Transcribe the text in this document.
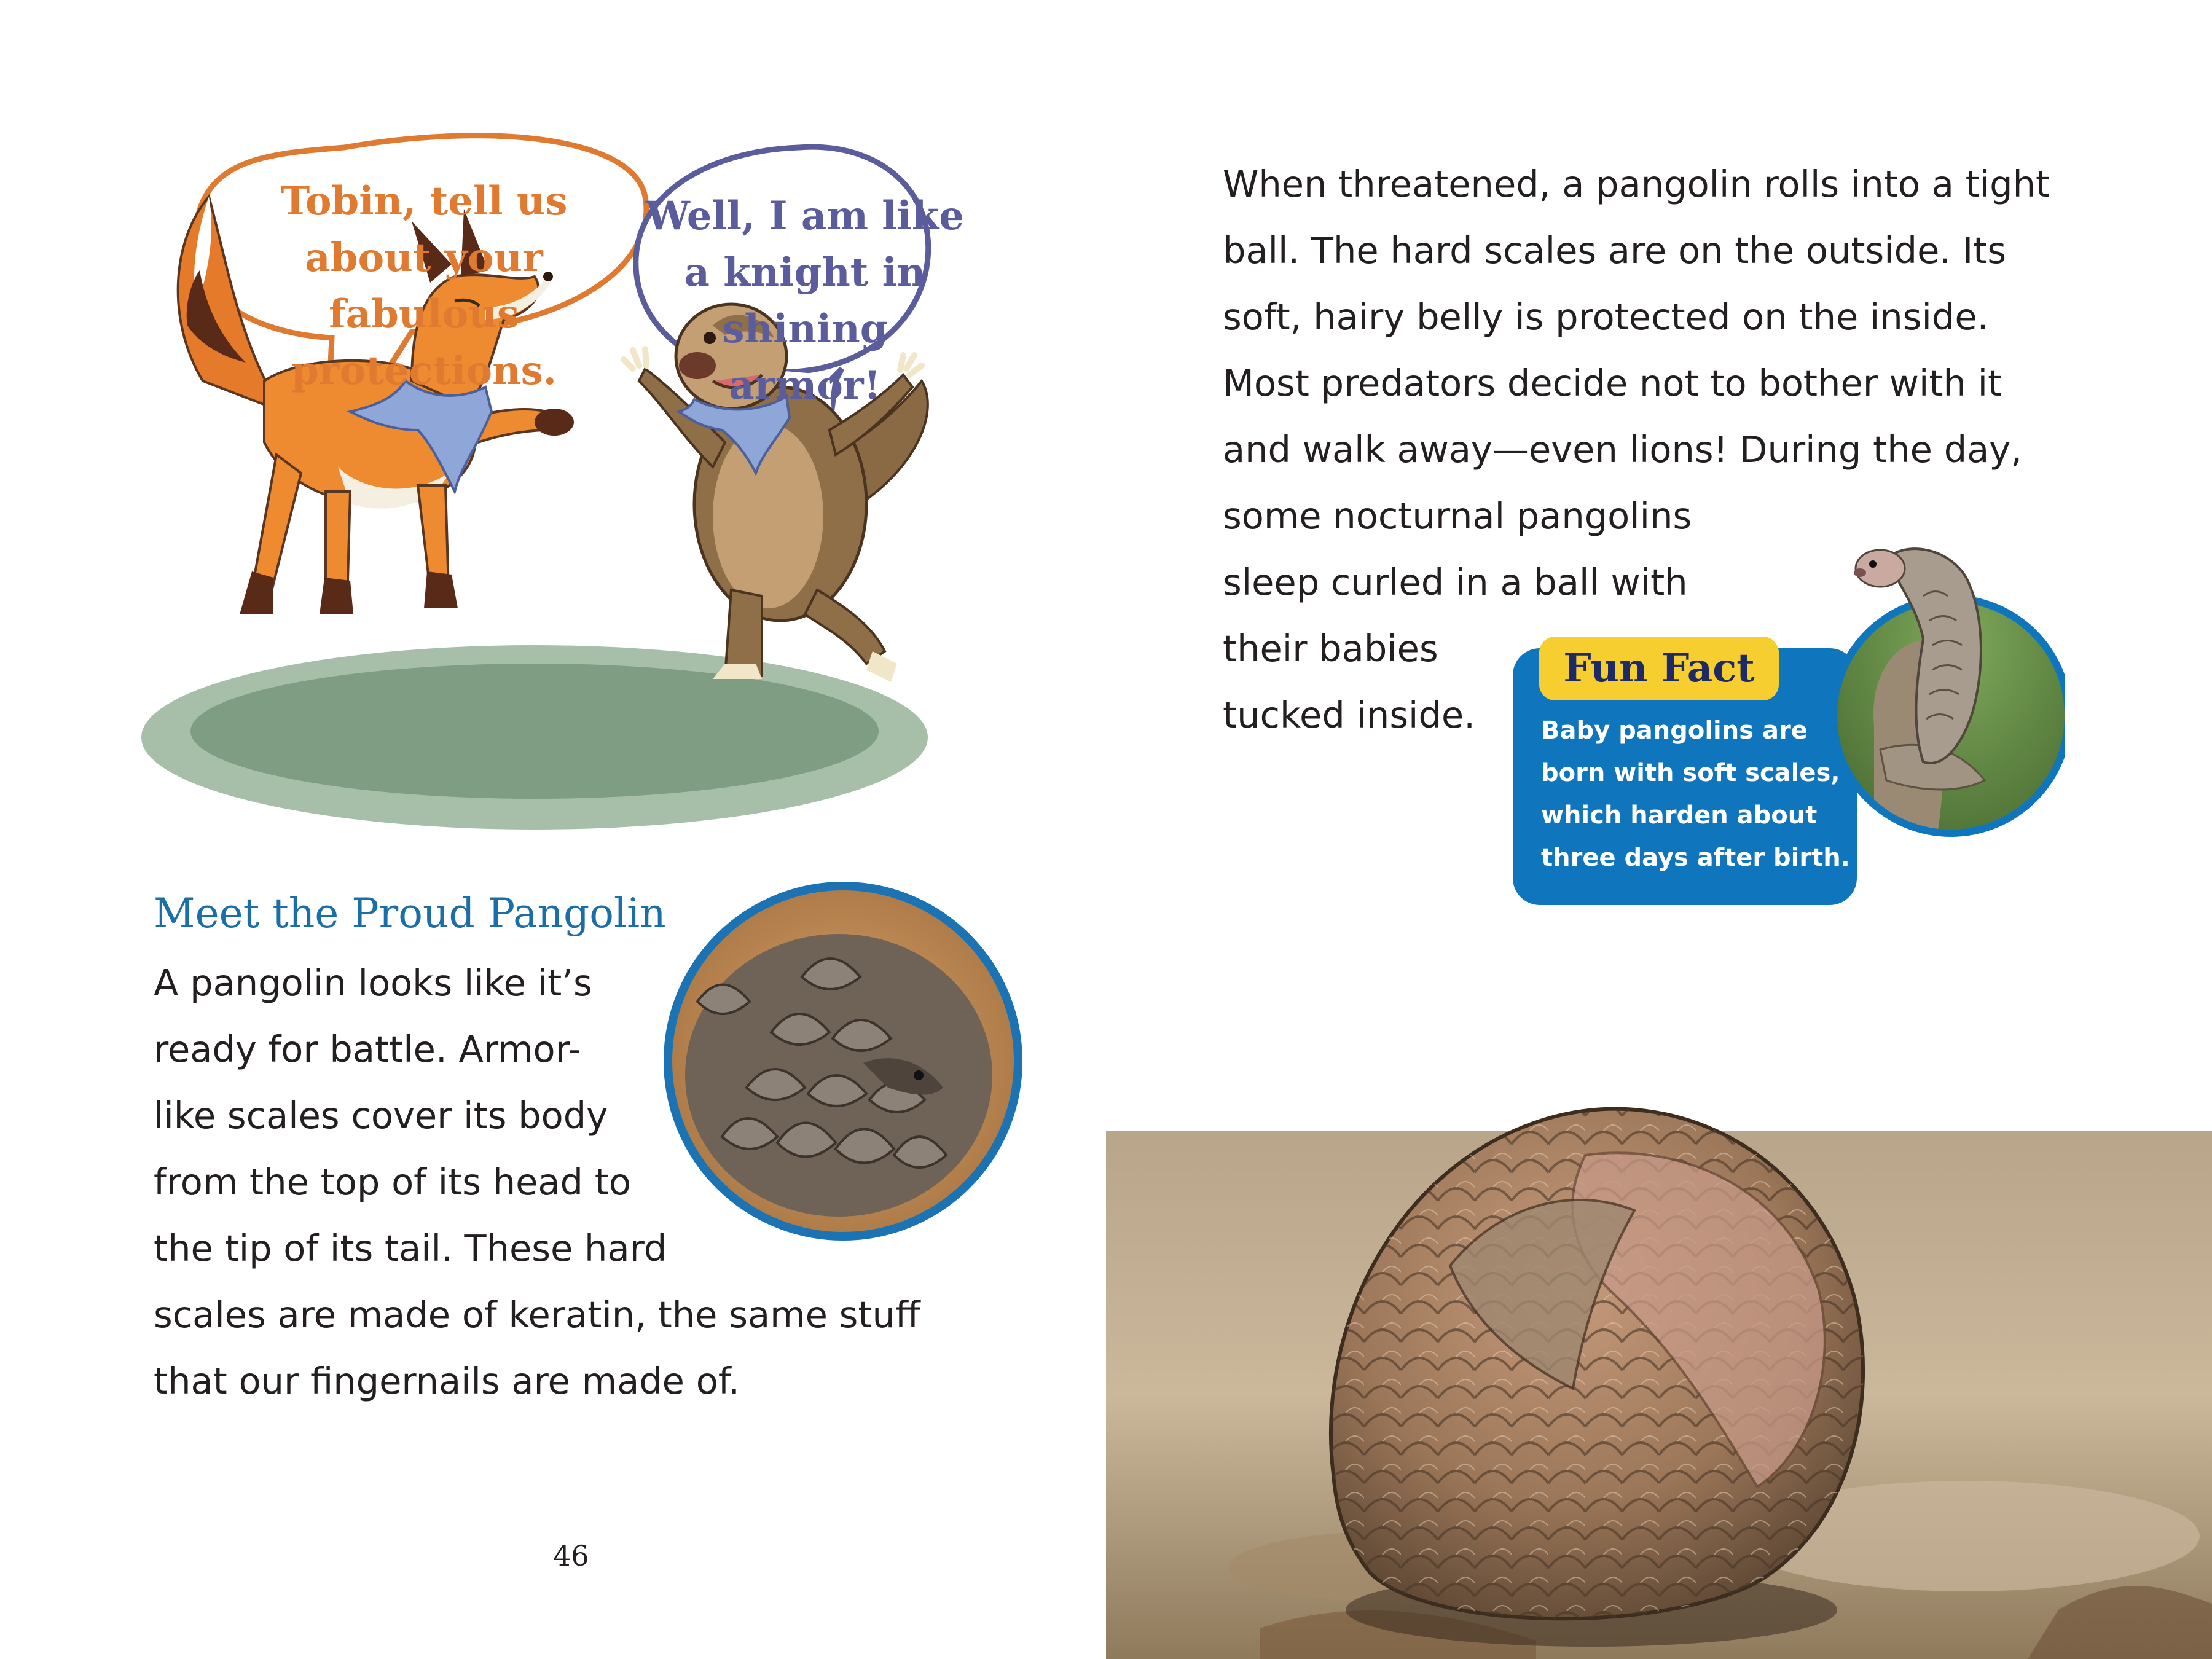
Tobin, tell us
about your
fabulous protections.
Well, I am like
a knight in
shining armor!
Meet the Proud Pangolin
A pangolin looks like it’s
ready for battle. Armor-
like scales cover its body
from the top of its head to
the tip of its tail. These hard
scales are made of keratin, the same stuff
that our fingernails are made of.
46
When threatened, a pangolin rolls into a tight
ball. The hard scales are on the outside. Its
soft, hairy belly is protected on the inside.
Most predators decide not to bother with it
and walk away—even lions! During the day,
some nocturnal pangolins
sleep curled in a ball with
their babies
tucked inside.	Baby pangolins are
born with soft scales,
which harden about
three days after birth.
Fun Fact
